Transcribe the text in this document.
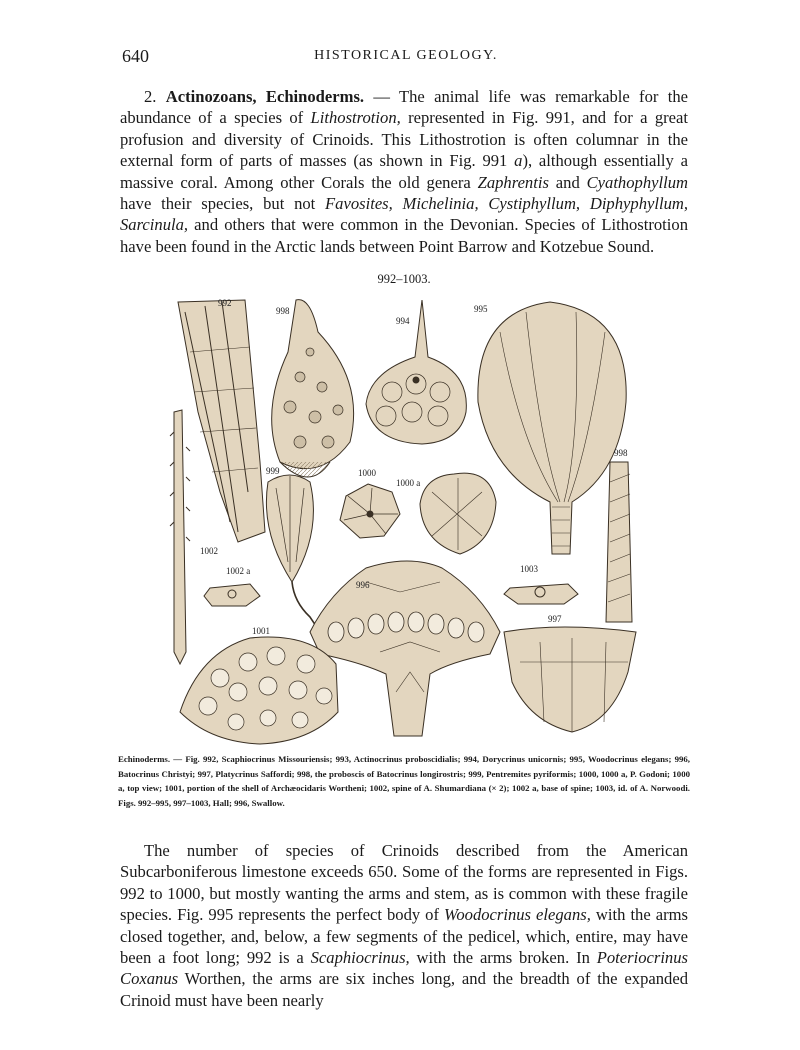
640	HISTORICAL GEOLOGY.

2. Actinozoans, Echinoderms. — The animal life was remarkable for the abundance of a species of Lithostrotion, represented in Fig. 991, and for a great profusion and diversity of Crinoids. This Lithostrotion is often columnar in the external form of parts of masses (as shown in Fig. 991 a), although essentially a massive coral. Among other Corals the old genera Zaphrentis and Cyathophyllum have their species, but not Favosites, Michelinia, Cystiphyllum, Diphyphyllum, Sarcinula, and others that were common in the Devonian. Species of Lithostrotion have been found in the Arctic lands between Point Barrow and Kotzebue Sound.

992–1003.
992
998
994
995
999	1000
1000 a
998
1002
1002 a	1003
996
997
1001

Echinoderms. — Fig. 992, Scaphiocrinus Missouriensis; 993, Actinocrinus proboscidialis; 994, Dorycrinus unicornis; 995, Woodocrinus elegans; 996, Batocrinus Christyi; 997, Platycrinus Saffordi; 998, the proboscis of Batocrinus longirostris; 999, Pentremites pyriformis; 1000, 1000 a, P. Godoni; 1000 a, top view; 1001, portion of the shell of Archæocidaris Wortheni; 1002, spine of A. Shumardiana (× 2); 1002 a, base of spine; 1003, id. of A. Norwoodi. Figs. 992–995, 997–1003, Hall; 996, Swallow.

The number of species of Crinoids described from the American Subcarboniferous limestone exceeds 650. Some of the forms are represented in Figs. 992 to 1000, but mostly wanting the arms and stem, as is common with these fragile species. Fig. 995 represents the perfect body of Woodocrinus elegans, with the arms closed together, and, below, a few segments of the pedicel, which, entire, may have been a foot long; 992 is a Scaphiocrinus, with the arms broken. In Poteriocrinus Coxanus Worthen, the arms are six inches long, and the breadth of the expanded Crinoid must have been nearly
